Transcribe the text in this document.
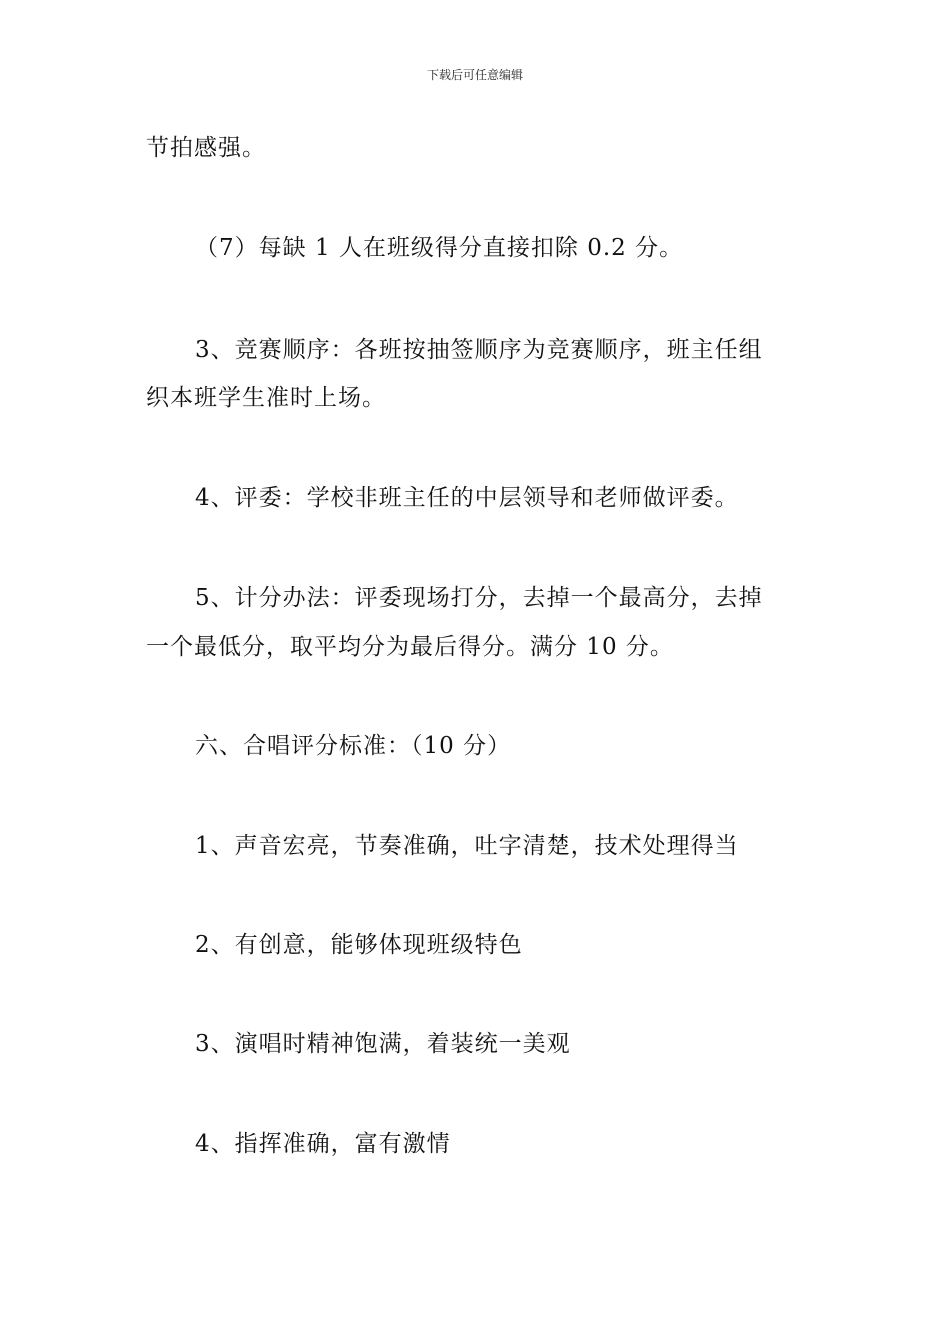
下载后可任意编辑
节拍感强。
（7）每缺 1 人在班级得分直接扣除 0.2 分。
3、竞赛顺序：各班按抽签顺序为竞赛顺序，班主任组
织本班学生准时上场。
4、评委：学校非班主任的中层领导和老师做评委。
5、计分办法：评委现场打分，去掉一个最高分，去掉
一个最低分，取平均分为最后得分。满分 10 分。
六、合唱评分标准：（10 分）
1、声音宏亮，节奏准确，吐字清楚，技术处理得当
2、有创意，能够体现班级特色
3、演唱时精神饱满，着装统一美观
4、指挥准确，富有激情
